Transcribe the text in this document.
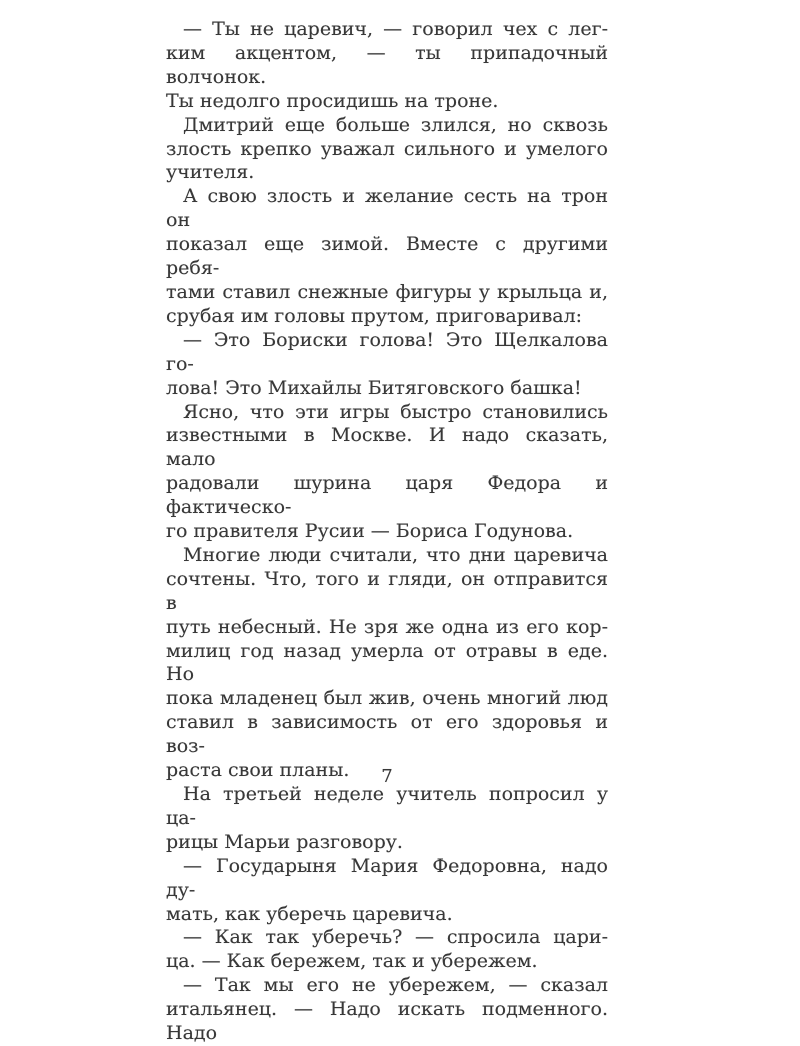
— Ты не царевич, — говорил чех с лег-
ким акцентом, — ты припадочный волчонок.
Ты недолго просидишь на троне.
Дмитрий еще больше злился, но сквозь
злость крепко уважал сильного и умелого
учителя.
А свою злость и желание сесть на трон он
показал еще зимой. Вместе с другими ребя-
тами ставил снежные фигуры у крыльца и,
срубая им головы прутом, приговаривал:
— Это Бориски голова! Это Щелкалова го-
лова! Это Михайлы Битяговского башка!
Ясно, что эти игры быстро становились
известными в Москве. И надо сказать, мало
радовали шурина царя Федора и фактическо-
го правителя Русии — Бориса Годунова.
Многие люди считали, что дни царевича
сочтены. Что, того и гляди, он отправится в
путь небесный. Не зря же одна из его кор-
милиц год назад умерла от отравы в еде. Но
пока младенец был жив, очень многий люд
ставил в зависимость от его здоровья и воз-
раста свои планы.
На третьей неделе учитель попросил у ца-
рицы Марьи разговору.
— Государыня Мария Федоровна, надо ду-
мать, как уберечь царевича.
— Как так уберечь? — спросила цари-
ца. — Как бережем, так и убережем.
— Так мы его не убережем, — сказал
итальянец. — Надо искать подменного. Надо
7
